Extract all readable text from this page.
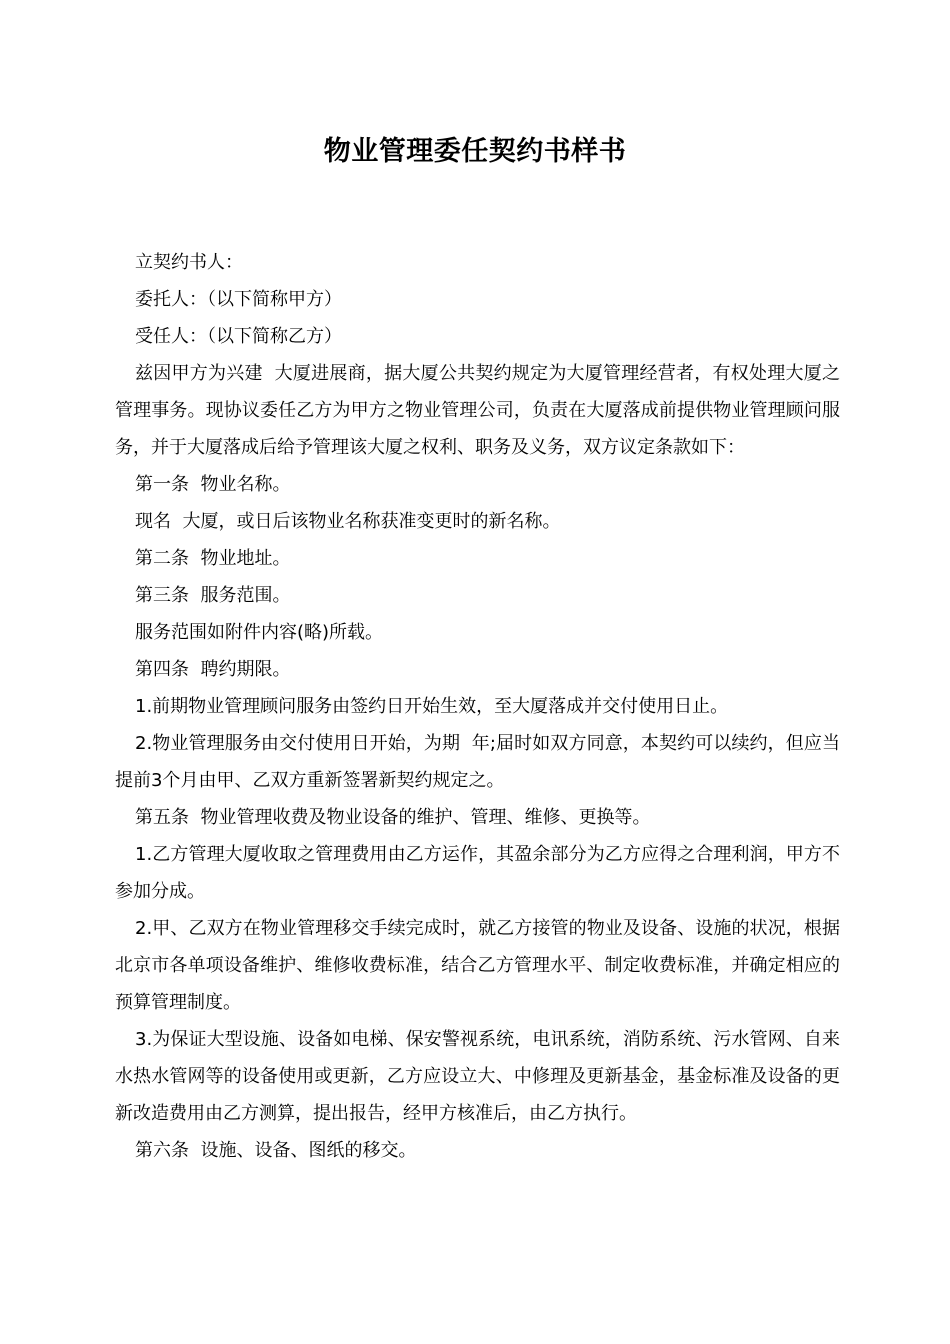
物业管理委任契约书样书

立契约书人：

委托人：（以下简称甲方）

受任人：（以下简称乙方）

兹因甲方为兴建  大厦进展商，据大厦公共契约规定为大厦管理经营者，有权处理大厦之管理事务。现协议委任乙方为甲方之物业管理公司，负责在大厦落成前提供物业管理顾问服务，并于大厦落成后给予管理该大厦之权利、职务及义务，双方议定条款如下：

第一条  物业名称。

现名  大厦，或日后该物业名称获准变更时的新名称。

第二条  物业地址。

第三条  服务范围。

服务范围如附件内容(略)所载。

第四条  聘约期限。

1.前期物业管理顾问服务由签约日开始生效，至大厦落成并交付使用日止。

2.物业管理服务由交付使用日开始，为期  年;届时如双方同意，本契约可以续约，但应当提前3个月由甲、乙双方重新签署新契约规定之。

第五条  物业管理收费及物业设备的维护、管理、维修、更换等。

1.乙方管理大厦收取之管理费用由乙方运作，其盈余部分为乙方应得之合理利润，甲方不参加分成。

2.甲、乙双方在物业管理移交手续完成时，就乙方接管的物业及设备、设施的状况，根据北京市各单项设备维护、维修收费标准，结合乙方管理水平、制定收费标准，并确定相应的预算管理制度。

3.为保证大型设施、设备如电梯、保安警视系统，电讯系统，消防系统、污水管网、自来水热水管网等的设备使用或更新，乙方应设立大、中修理及更新基金，基金标准及设备的更新改造费用由乙方测算，提出报告，经甲方核准后，由乙方执行。

第六条  设施、设备、图纸的移交。
